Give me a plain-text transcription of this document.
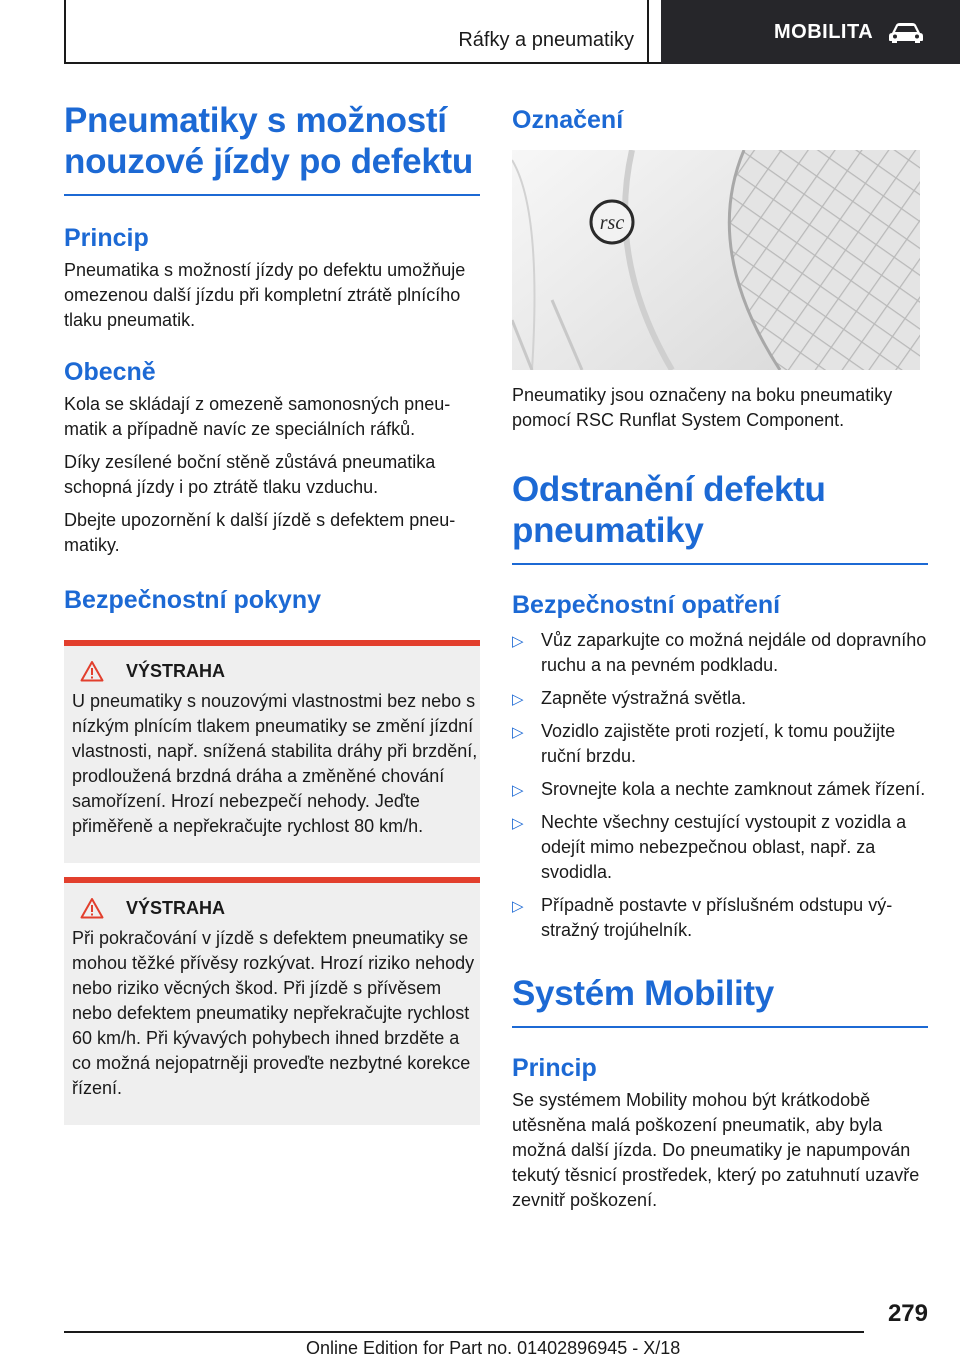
Ráfky a pneumatiky	MOBILITA
Pneumatiky s možností nouzové jízdy po defektu
Princip

Pneumatika s možností jízdy po defektu umožňuje omezenou další jízdu při kompletní ztrátě plnícího tlaku pneumatik.

Obecně

Kola se skládají z omezeně samonosných pneumatik a případně navíc ze speciálních ráfků.

Díky zesílené boční stěně zůstává pneumatika schopná jízdy i po ztrátě tlaku vzduchu.

Dbejte upozornění k další jízdě s defektem pneumatiky.

Bezpečnostní pokyny
VÝSTRAHA

U pneumatiky s nouzovými vlastnostmi bez nebo s nízkým plnícím tlakem pneumatiky se změní jízdní vlastnosti, např. snížená stabilita dráhy při brzdění, prodloužená brzdná dráha a změněné chování samořízení. Hrozí nebezpečí nehody. Jeďte přiměřeně a nepřekračujte rychlost 80 km/h.

VÝSTRAHA

Při pokračování v jízdě s defektem pneumatiky se mohou těžké přívěsy rozkývat. Hrozí riziko nehody nebo riziko věcných škod. Při jízdě s přívěsem nebo defektem pneumatiky nepřekračujte rychlost 60 km/h. Při kývavých pohybech ihned brzděte a co možná nejopatrněji proveďte nezbytné korekce řízení.

Označení
rsc

Pneumatiky jsou označeny na boku pneumatiky pomocí RSC Runflat System Component.

Odstranění defektu pneumatiky
Bezpečnostní opatření
▷ Vůz zaparkujte co možná nejdále od dopravního ruchu a na pevném podkladu.
▷ Zapněte výstražná světla.
▷ Vozidlo zajistěte proti rozjetí, k tomu použijte ruční brzdu.
▷ Srovnejte kola a nechte zamknout zámek řízení.
▷ Nechte všechny cestující vystoupit z vozidla a odejít mimo nebezpečnou oblast, např. za svodidla.
▷ Případně postavte v příslušném odstupu výstražný trojúhelník.
Systém Mobility
Princip

Se systémem Mobility mohou být krátkodobě utěsněna malá poškození pneumatik, aby byla možná další jízda. Do pneumatiky je napumpován tekutý těsnicí prostředek, který po zatuhnutí uzavře zevnitř poškození.

279
Online Edition for Part no. 01402896945 - X/18
